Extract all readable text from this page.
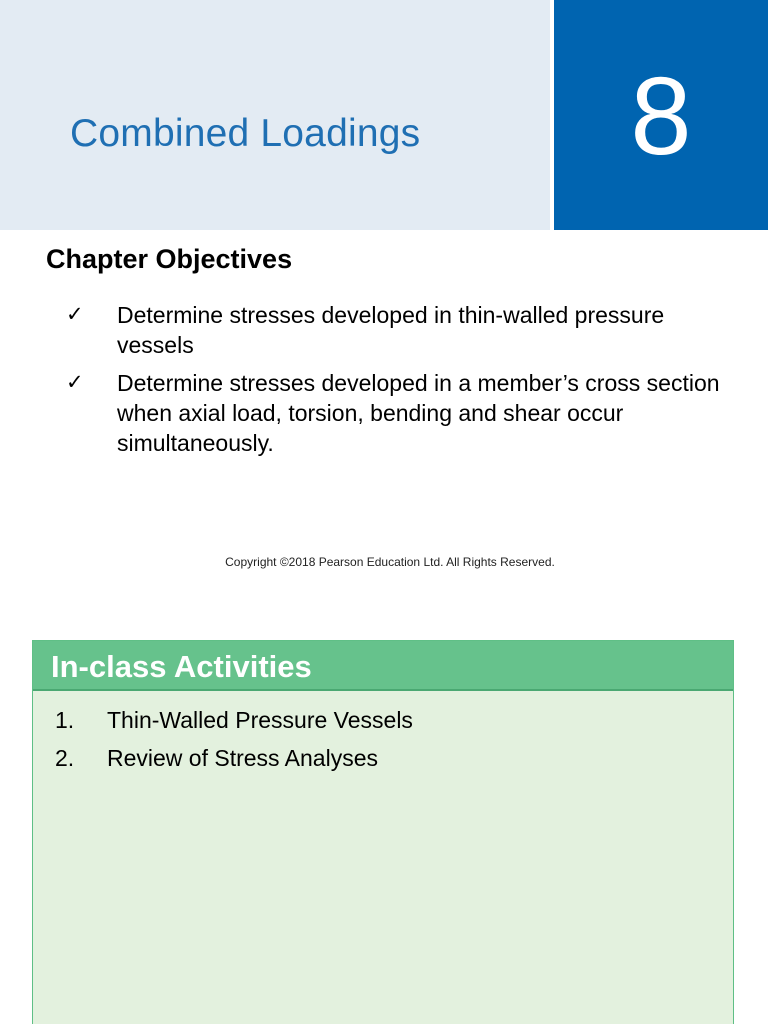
Combined Loadings	8
Chapter Objectives
✓ Determine stresses developed in thin-walled pressure vessels
✓ Determine stresses developed in a member’s cross section when axial load, torsion, bending and shear occur simultaneously.
Copyright ©2018 Pearson Education Ltd. All Rights Reserved.
In-class Activities
1. Thin-Walled Pressure Vessels
2. Review of Stress Analyses
